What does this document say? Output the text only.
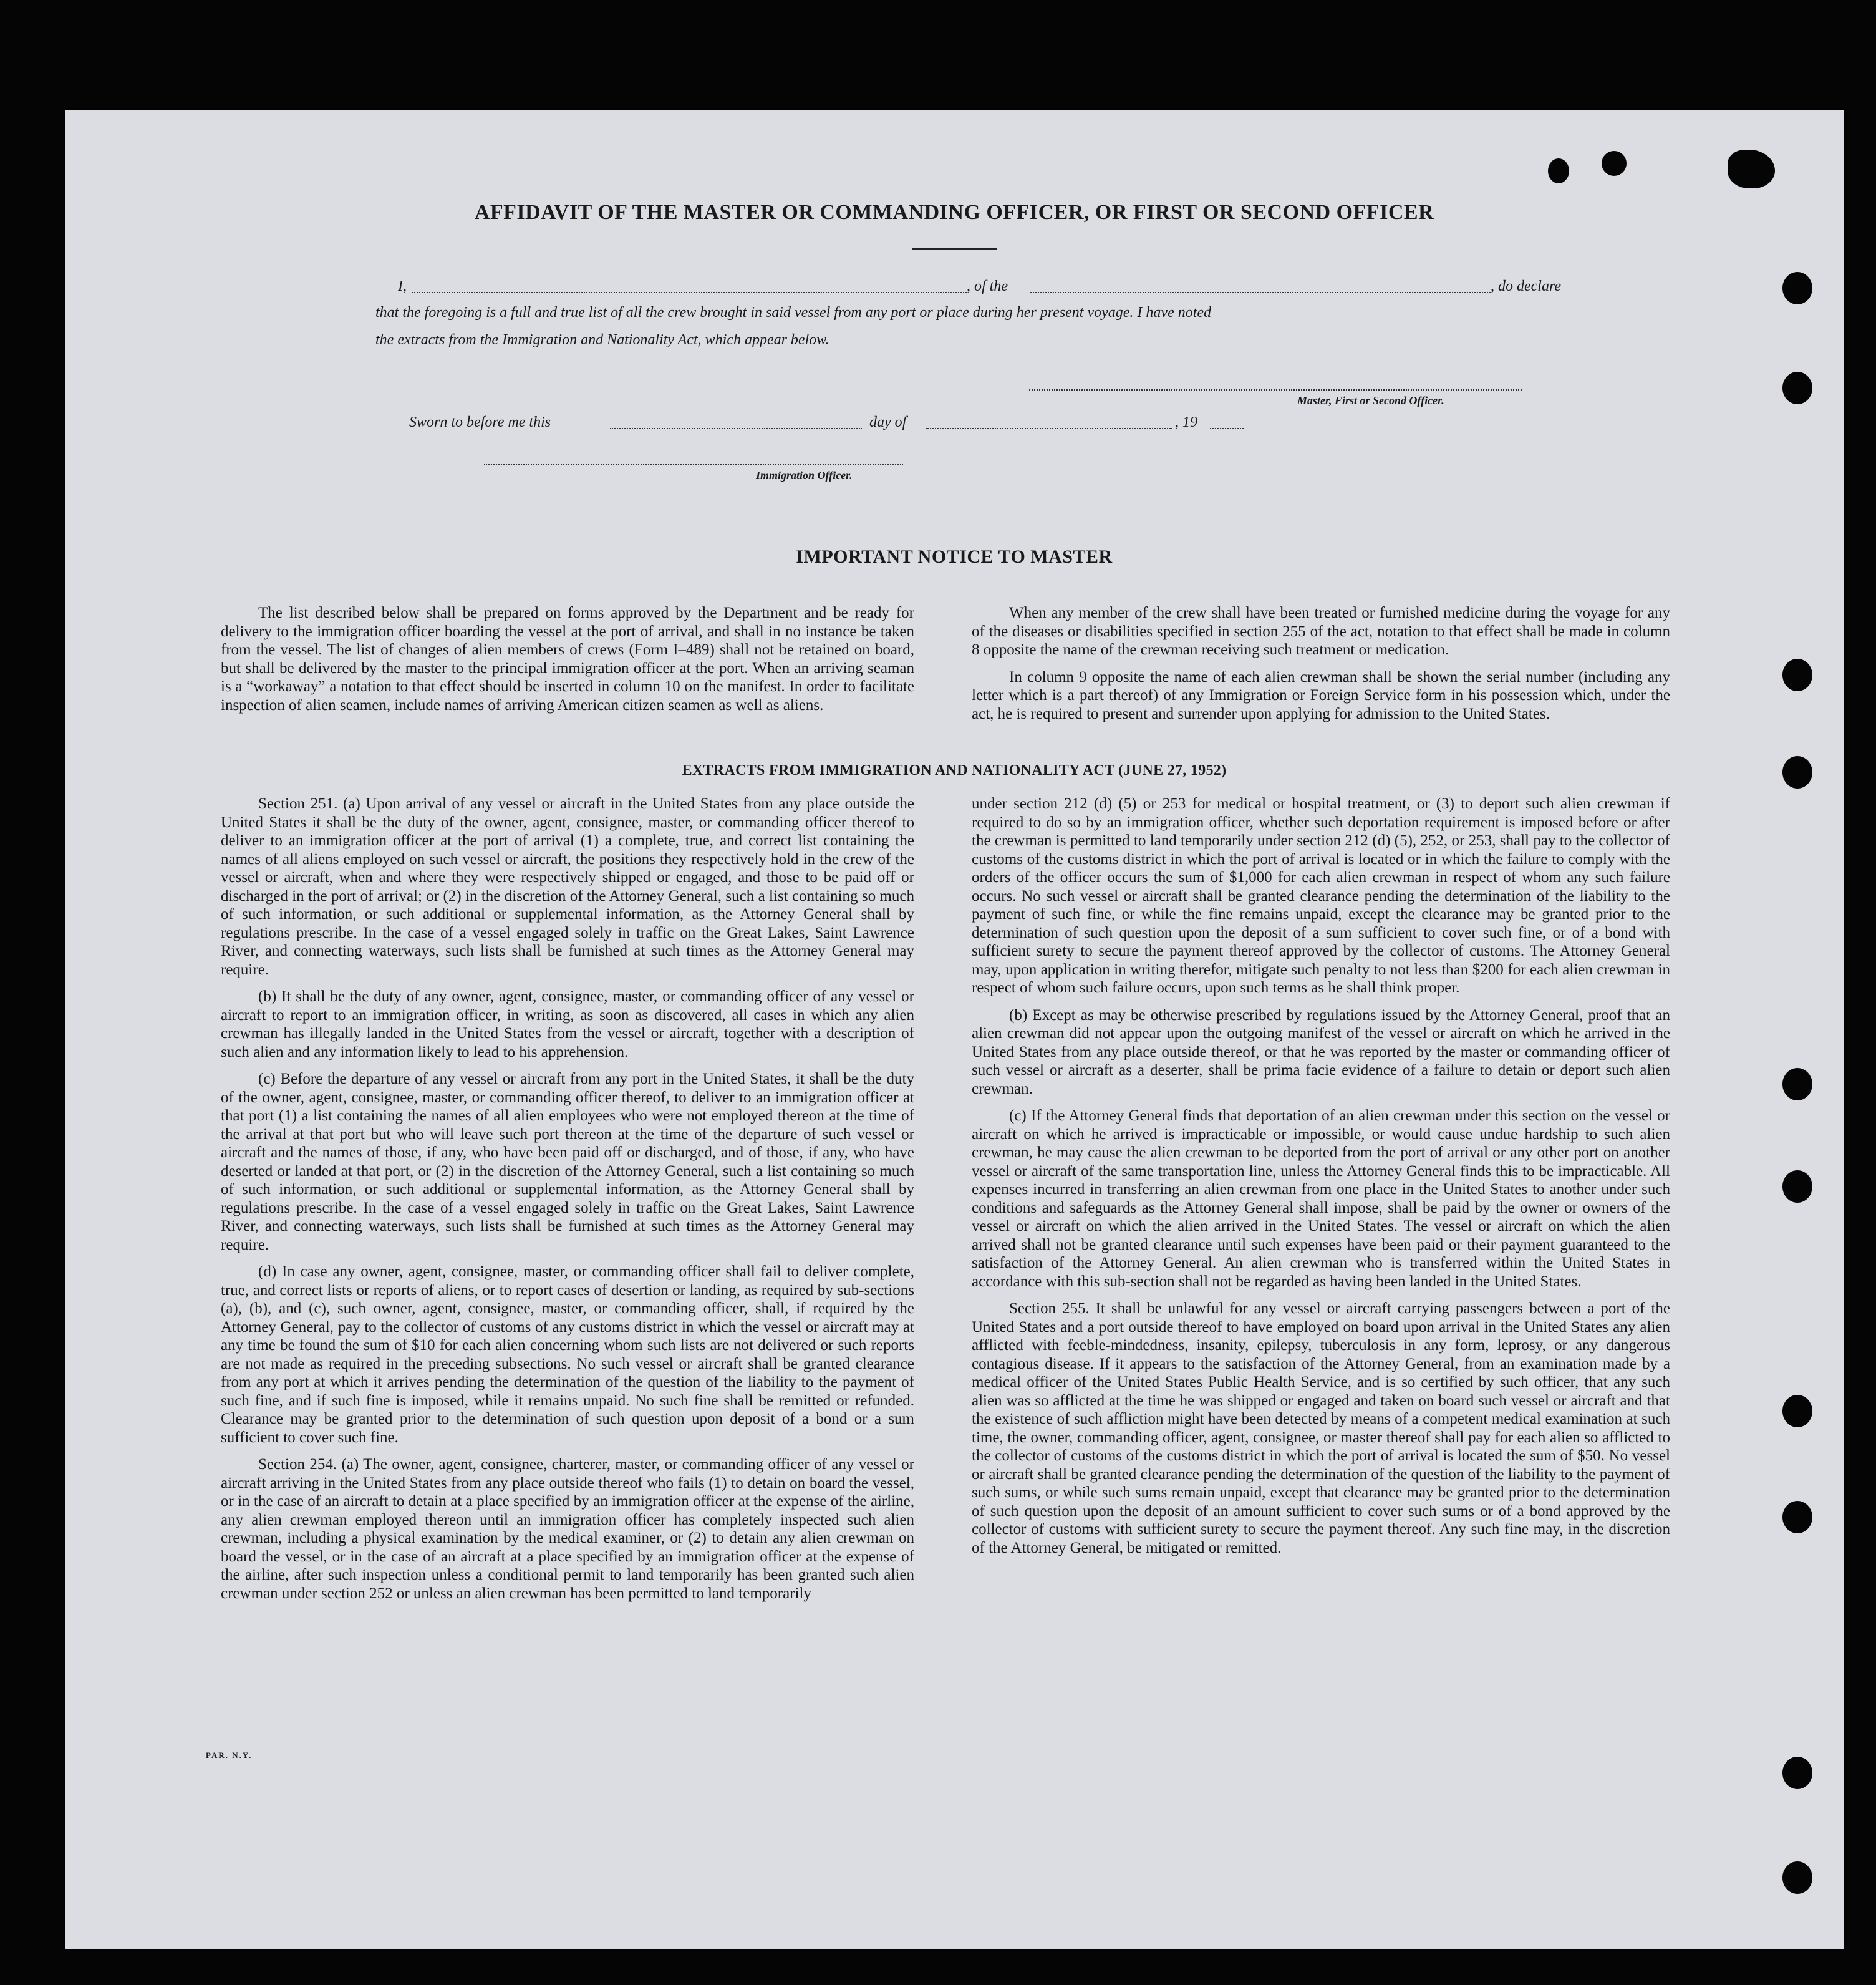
AFFIDAVIT OF THE MASTER OR COMMANDING OFFICER, OR FIRST OR SECOND OFFICER
I,	, of the	, do declare
that the foregoing is a full and true list of all the crew brought in said vessel from any port or place during her present voyage. I have noted
the extracts from the Immigration and Nationality Act, which appear below.
Master, First or Second Officer.
Sworn to before me this	day of	, 19
Immigration Officer.
IMPORTANT NOTICE TO MASTER

The list described below shall be prepared on forms approved by the Department and be ready for delivery to the immigration officer boarding the vessel at the port of arrival, and shall in no instance be taken from the vessel. The list of changes of alien members of crews (Form I–489) shall not be retained on board, but shall be delivered by the master to the principal immigration officer at the port. When an arriving seaman is a “workaway” a notation to that effect should be inserted in column 10 on the manifest. In order to facilitate inspection of alien seamen, include names of arriving American citizen seamen as well as aliens.

When any member of the crew shall have been treated or furnished medicine during the voyage for any of the diseases or disabilities specified in section 255 of the act, notation to that effect shall be made in column 8 opposite the name of the crewman receiving such treatment or medication.

In column 9 opposite the name of each alien crewman shall be shown the serial number (including any letter which is a part thereof) of any Immigration or Foreign Service form in his possession which, under the act, he is required to present and surrender upon applying for admission to the United States.

EXTRACTS FROM IMMIGRATION AND NATIONALITY ACT (JUNE 27, 1952)

Section 251. (a) Upon arrival of any vessel or aircraft in the United States from any place outside the United States it shall be the duty of the owner, agent, consignee, master, or commanding officer thereof to deliver to an immigration officer at the port of arrival (1) a complete, true, and correct list containing the names of all aliens employed on such vessel or aircraft, the positions they respectively hold in the crew of the vessel or aircraft, when and where they were respectively shipped or engaged, and those to be paid off or discharged in the port of arrival; or (2) in the discretion of the Attorney General, such a list containing so much of such information, or such additional or supplemental information, as the Attorney General shall by regulations prescribe. In the case of a vessel engaged solely in traffic on the Great Lakes, Saint Lawrence River, and connecting waterways, such lists shall be furnished at such times as the Attorney General may require.

(b) It shall be the duty of any owner, agent, consignee, master, or commanding officer of any vessel or aircraft to report to an immigration officer, in writing, as soon as discovered, all cases in which any alien crewman has illegally landed in the United States from the vessel or aircraft, together with a description of such alien and any information likely to lead to his apprehension.

(c) Before the departure of any vessel or aircraft from any port in the United States, it shall be the duty of the owner, agent, consignee, master, or commanding officer thereof, to deliver to an immigration officer at that port (1) a list containing the names of all alien employees who were not employed thereon at the time of the arrival at that port but who will leave such port thereon at the time of the departure of such vessel or aircraft and the names of those, if any, who have been paid off or discharged, and of those, if any, who have deserted or landed at that port, or (2) in the discretion of the Attorney General, such a list containing so much of such information, or such additional or supplemental information, as the Attorney General shall by regulations prescribe. In the case of a vessel engaged solely in traffic on the Great Lakes, Saint Lawrence River, and connecting waterways, such lists shall be furnished at such times as the Attorney General may require.

(d) In case any owner, agent, consignee, master, or commanding officer shall fail to deliver complete, true, and correct lists or reports of aliens, or to report cases of desertion or landing, as required by sub-sections (a), (b), and (c), such owner, agent, consignee, master, or commanding officer, shall, if required by the Attorney General, pay to the collector of customs of any customs district in which the vessel or aircraft may at any time be found the sum of $10 for each alien concerning whom such lists are not delivered or such reports are not made as required in the preceding subsections. No such vessel or aircraft shall be granted clearance from any port at which it arrives pending the determination of the question of the liability to the payment of such fine, and if such fine is imposed, while it remains unpaid. No such fine shall be remitted or refunded. Clearance may be granted prior to the determination of such question upon deposit of a bond or a sum sufficient to cover such fine.

Section 254. (a) The owner, agent, consignee, charterer, master, or commanding officer of any vessel or aircraft arriving in the United States from any place outside thereof who fails (1) to detain on board the vessel, or in the case of an aircraft to detain at a place specified by an immigration officer at the expense of the airline, any alien crewman employed thereon until an immigration officer has completely inspected such alien crewman, including a physical examination by the medical examiner, or (2) to detain any alien crewman on board the vessel, or in the case of an aircraft at a place specified by an immigration officer at the expense of the airline, after such inspection unless a conditional permit to land temporarily has been granted such alien crewman under section 252 or unless an alien crewman has been permitted to land temporarily

under section 212 (d) (5) or 253 for medical or hospital treatment, or (3) to deport such alien crewman if required to do so by an immigration officer, whether such deportation requirement is imposed before or after the crewman is permitted to land temporarily under section 212 (d) (5), 252, or 253, shall pay to the collector of customs of the customs district in which the port of arrival is located or in which the failure to comply with the orders of the officer occurs the sum of $1,000 for each alien crewman in respect of whom any such failure occurs. No such vessel or aircraft shall be granted clearance pending the determination of the liability to the payment of such fine, or while the fine remains unpaid, except the clearance may be granted prior to the determination of such question upon the deposit of a sum sufficient to cover such fine, or of a bond with sufficient surety to secure the payment thereof approved by the collector of customs. The Attorney General may, upon application in writing therefor, mitigate such penalty to not less than $200 for each alien crewman in respect of whom such failure occurs, upon such terms as he shall think proper.

(b) Except as may be otherwise prescribed by regulations issued by the Attorney General, proof that an alien crewman did not appear upon the outgoing manifest of the vessel or aircraft on which he arrived in the United States from any place outside thereof, or that he was reported by the master or commanding officer of such vessel or aircraft as a deserter, shall be prima facie evidence of a failure to detain or deport such alien crewman.

(c) If the Attorney General finds that deportation of an alien crewman under this section on the vessel or aircraft on which he arrived is impracticable or impossible, or would cause undue hardship to such alien crewman, he may cause the alien crewman to be deported from the port of arrival or any other port on another vessel or aircraft of the same transportation line, unless the Attorney General finds this to be impracticable. All expenses incurred in transferring an alien crewman from one place in the United States to another under such conditions and safeguards as the Attorney General shall impose, shall be paid by the owner or owners of the vessel or aircraft on which the alien arrived in the United States. The vessel or aircraft on which the alien arrived shall not be granted clearance until such expenses have been paid or their payment guaranteed to the satisfaction of the Attorney General. An alien crewman who is transferred within the United States in accordance with this sub-section shall not be regarded as having been landed in the United States.

Section 255. It shall be unlawful for any vessel or aircraft carrying passengers between a port of the United States and a port outside thereof to have employed on board upon arrival in the United States any alien afflicted with feeble-mindedness, insanity, epilepsy, tuberculosis in any form, leprosy, or any dangerous contagious disease. If it appears to the satisfaction of the Attorney General, from an examination made by a medical officer of the United States Public Health Service, and is so certified by such officer, that any such alien was so afflicted at the time he was shipped or engaged and taken on board such vessel or aircraft and that the existence of such affliction might have been detected by means of a competent medical examination at such time, the owner, commanding officer, agent, consignee, or master thereof shall pay for each alien so afflicted to the collector of customs of the customs district in which the port of arrival is located the sum of $50. No vessel or aircraft shall be granted clearance pending the determination of the question of the liability to the payment of such sums, or while such sums remain unpaid, except that clearance may be granted prior to the determination of such question upon the deposit of an amount sufficient to cover such sums or of a bond approved by the collector of customs with sufficient surety to secure the payment thereof. Any such fine may, in the discretion of the Attorney General, be mitigated or remitted.

PAR. N.Y.
